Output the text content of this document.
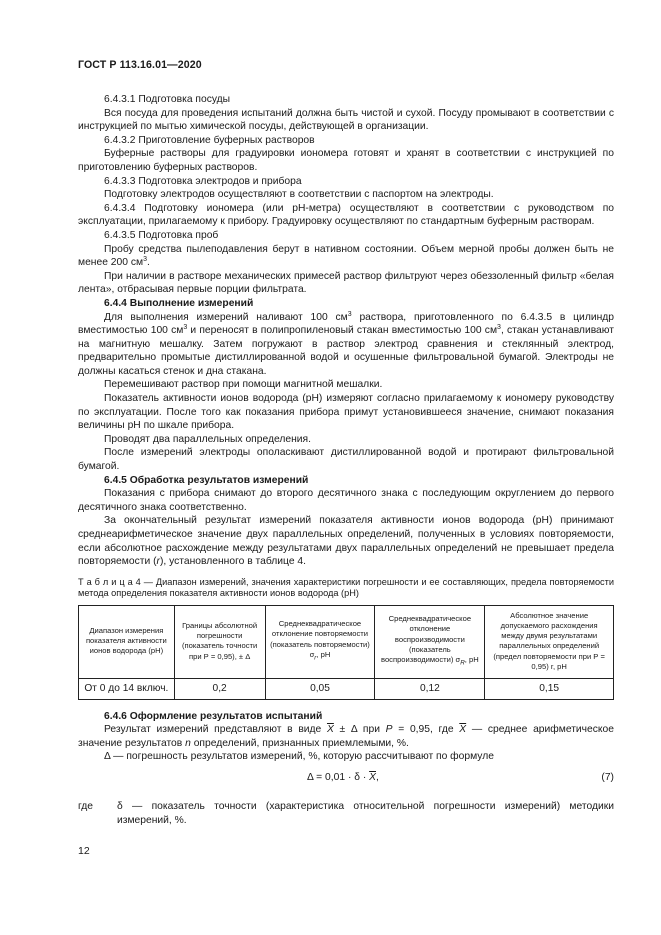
ГОСТ Р 113.16.01—2020

6.4.3.1 Подготовка посуды

Вся посуда для проведения испытаний должна быть чистой и сухой. Посуду промывают в соответствии с инструкцией по мытью химической посуды, действующей в организации.

6.4.3.2 Приготовление буферных растворов

Буферные растворы для градуировки иономера готовят и хранят в соответствии с инструкцией по приготовлению буферных растворов.

6.4.3.3 Подготовка электродов и прибора

Подготовку электродов осуществляют в соответствии с паспортом на электроды.

6.4.3.4 Подготовку иономера (или pH-метра) осуществляют в соответствии с руководством по эксплуатации, прилагаемому к прибору. Градуировку осуществляют по стандартным буферным растворам.

6.4.3.5 Подготовка проб

Пробу средства пылеподавления берут в нативном состоянии. Объем мерной пробы должен быть не менее 200 $см^3$.

При наличии в растворе механических примесей раствор фильтруют через обеззоленный фильтр «белая лента», отбрасывая первые порции фильтрата.

6.4.4 Выполнение измерений

Для выполнения измерений наливают 100 $см^3$ раствора, приготовленного по 6.4.3.5 в цилиндр вместимостью 100 $см^3$ и переносят в полипропиленовый стакан вместимостью 100 $см^3$, стакан устанавливают на магнитную мешалку. Затем погружают в раствор электрод сравнения и стеклянный электрод, предварительно промытые дистиллированной водой и осушенные фильтровальной бумагой. Электроды не должны касаться стенок и дна стакана.

Перемешивают раствор при помощи магнитной мешалки.

Показатель активности ионов водорода (pH) измеряют согласно прилагаемому к иономеру руководству по эксплуатации. После того как показания прибора примут установившееся значение, снимают показания величины pH по шкале прибора.

Проводят два параллельных определения.

После измерений электроды ополаскивают дистиллированной водой и протирают фильтровальной бумагой.

6.4.5 Обработка результатов измерений

Показания с прибора снимают до второго десятичного знака с последующим округлением до первого десятичного знака соответственно.

За окончательный результат измерений показателя активности ионов водорода (pH) принимают среднеарифметическое значение двух параллельных определений, полученных в условиях повторяемости, если абсолютное расхождение между результатами двух параллельных определений не превышает предела повторяемости (r), установленного в таблице 4.

Т а б л и ц а 4 — Диапазон измерений, значения характеристики погрешности и ее составляющих, предела повторяемости метода определения показателя активности ионов водорода (pH)

Диапазон измерения показателя активности ионов водорода (pH)	Границы абсолютной погрешности (показатель точности при Р = 0,95), ± Δ	Среднеквадратическое отклонение повторяемости (показатель повторяемости) $\sigma_r$, pH	Среднеквадратическое отклонение воспроизводимости (показатель воспроизводимости) $\sigma_R$, pH	Абсолютное значение допускаемого расхождения между двумя результатами параллельных определений (предел повторяемости при Р = 0,95) r, pH
От 0 до 14 включ.	0,2	0,05	0,12	0,15

6.4.6 Оформление результатов испытаний

Результат измерений представляют в виде $\overline{X} \pm \Delta$ при P = 0,95, где $\overline{X}$ — среднее арифметическое значение результатов n определений, признанных приемлемыми, %.

Δ — погрешность результатов измерений, %, которую рассчитывают по формуле

$\Delta = 0,01 \cdot \delta \cdot \overline{X}$,	(7)
где δ — показатель точности (характеристика относительной погрешности измерений) методики измерений, %.
12
